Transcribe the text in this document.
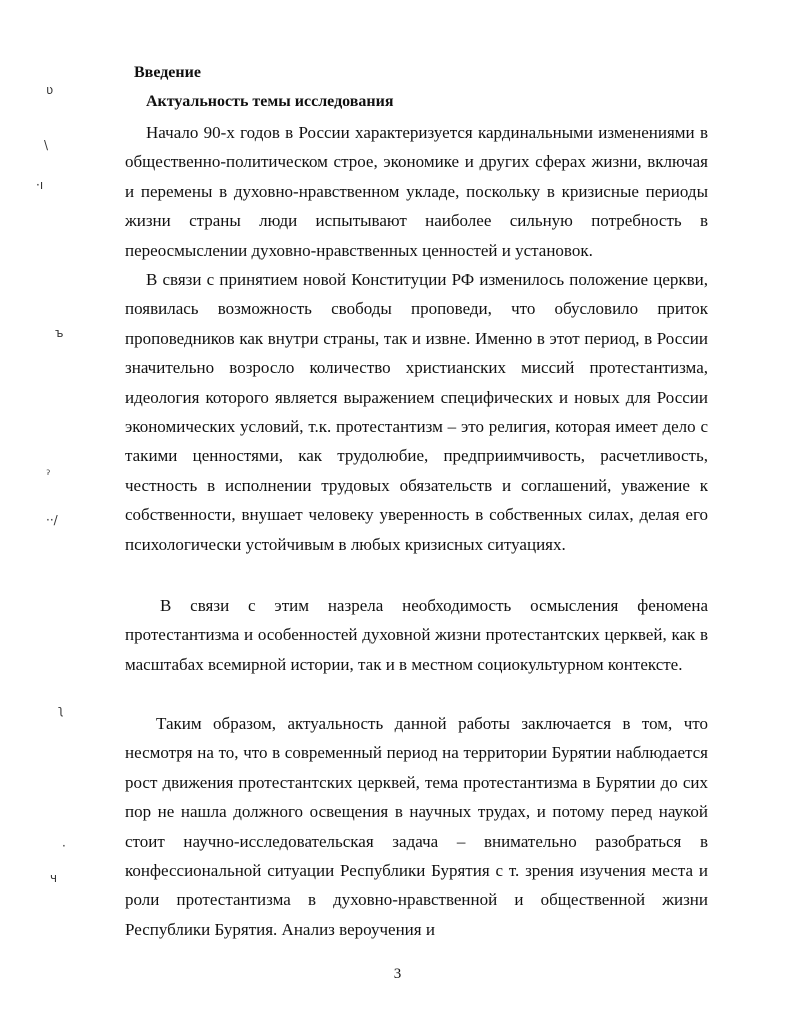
Введение
Актуальность темы исследования

Начало 90-х годов в России характеризуется кардинальными изменениями в общественно-политическом строе, экономике и других сферах жизни, включая и перемены в духовно-нравственном укладе, поскольку в кризисные периоды жизни страны люди испытывают наиболее сильную потребность в переосмыслении духовно-нравственных ценностей и установок.

В связи с принятием новой Конституции РФ изменилось положение церкви, появилась возможность свободы проповеди, что обусловило приток проповедников как внутри страны, так и извне. Именно в этот период, в России значительно возросло количество христианских миссий протестантизма, идеология которого является выражением специфических и новых для России экономических условий, т.к. протестантизм – это религия, которая имеет дело с такими ценностями, как трудолюбие, предприимчивость, расчетливость, честность в исполнении трудовых обязательств и соглашений, уважение к собственности, внушает человеку уверенность в собственных силах, делая его психологически устойчивым в любых кризисных ситуациях.

В связи с этим назрела необходимость осмысления феномена протестантизма и особенностей духовной жизни протестантских церквей, как в масштабах всемирной истории, так и в местном социокультурном контексте.

Таким образом, актуальность данной работы заключается в том, что несмотря на то, что в современный период на территории Бурятии наблюдается рост движения протестантских церквей, тема протестантизма в Бурятии до сих пор не нашла должного освещения в научных трудах, и потому перед наукой стоит научно-исследовательская задача – внимательно разобраться в конфессиональной ситуации Республики Бурятия с т. зрения изучения места и роли протестантизма в духовно-нравственной и общественной жизни Республики Бурятия. Анализ вероучения и

3

ʋ
\
·ı
ъ
ˀ
··/
ʅ
·
ч
